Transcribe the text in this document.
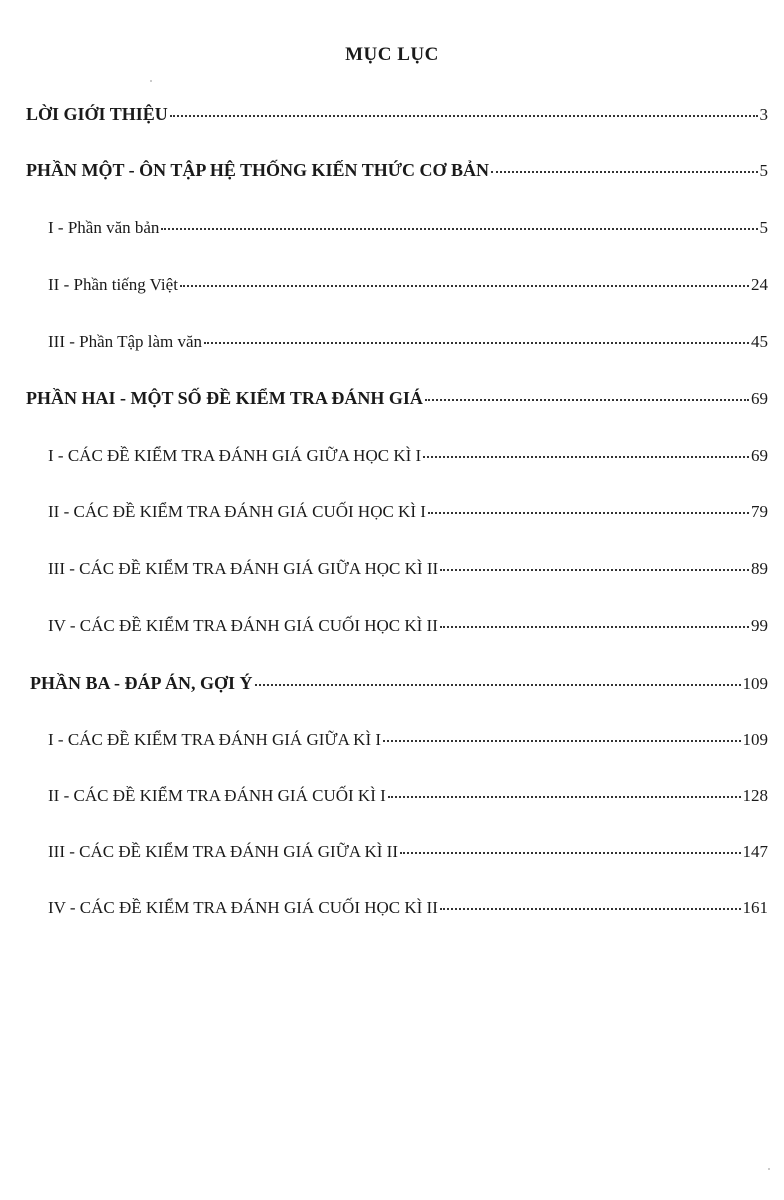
MỤC LỤC
LỜI GIỚI THIỆU	3
PHẦN MỘT - ÔN TẬP HỆ THỐNG KIẾN THỨC CƠ BẢN	5
I - Phần văn bản	5
II - Phần tiếng Việt	24
III - Phần Tập làm văn	45
PHẦN HAI - MỘT SỐ ĐỀ KIỂM TRA ĐÁNH GIÁ	69
I - CÁC ĐỀ KIỂM TRA ĐÁNH GIÁ GIỮA HỌC KÌ I	69
II - CÁC ĐỀ KIỂM TRA ĐÁNH GIÁ CUỐI HỌC KÌ I	79
III - CÁC ĐỀ KIỂM TRA ĐÁNH GIÁ GIỮA HỌC KÌ II	89
IV - CÁC ĐỀ KIỂM TRA ĐÁNH GIÁ CUỐI HỌC KÌ II	99
PHẦN BA - ĐÁP ÁN, GỢI Ý	109
I - CÁC ĐỀ KIỂM TRA ĐÁNH GIÁ GIỮA KÌ I	109
II - CÁC ĐỀ KIỂM TRA ĐÁNH GIÁ CUỐI KÌ I	128
III - CÁC ĐỀ KIỂM TRA ĐÁNH GIÁ GIỮA KÌ II	147
IV - CÁC ĐỀ KIỂM TRA ĐÁNH GIÁ CUỐI HỌC KÌ II	161
